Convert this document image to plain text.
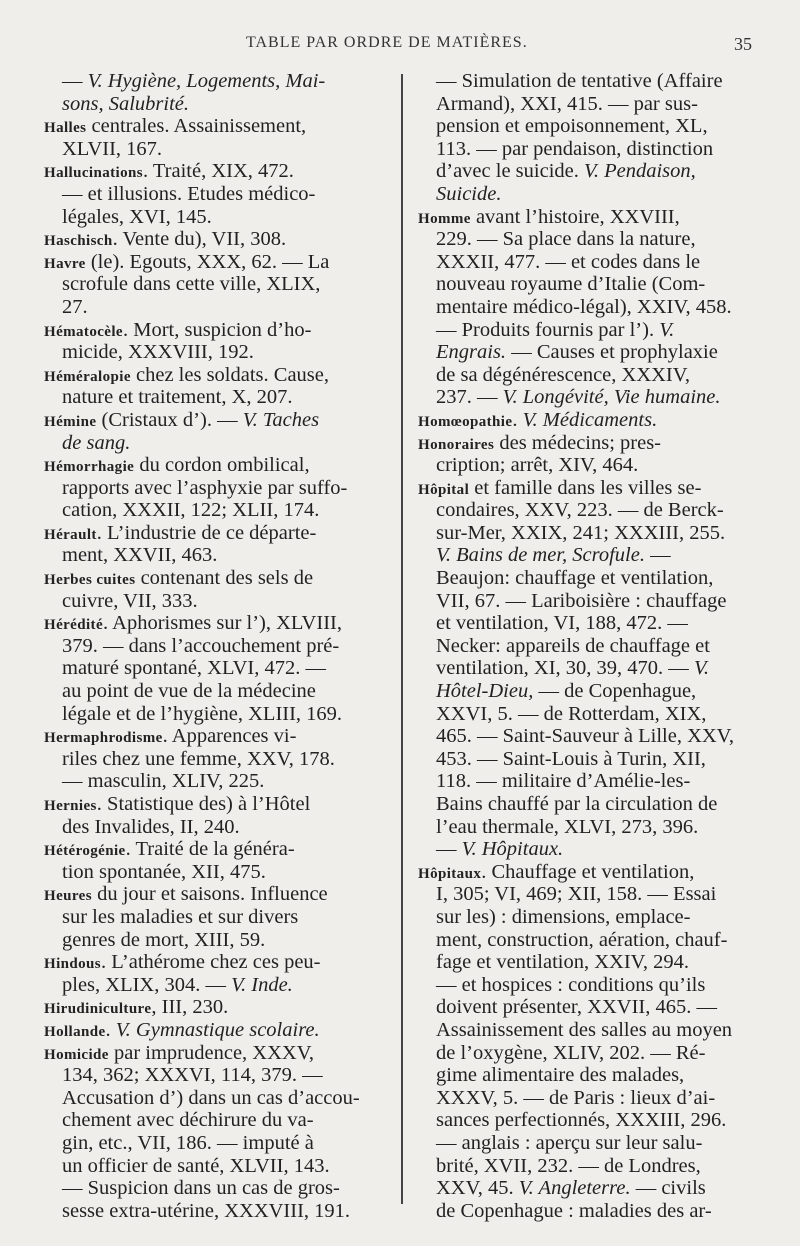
TABLE PAR ORDRE DE MATIÈRES.	35
— V. Hygiène, Logements, Mai-
sons, Salubrité.
Halles centrales. Assainissement,
XLVII, 167.
Hallucinations. Traité, XIX, 472.
— et illusions. Etudes médico-
légales, XVI, 145.
Haschisch. Vente du), VII, 308.
Havre (le). Egouts, XXX, 62. — La
scrofule dans cette ville, XLIX,
27.
Hématocèle. Mort, suspicion d’ho-
micide, XXXVIII, 192.
Héméralopie chez les soldats. Cause,
nature et traitement, X, 207.
Hémine (Cristaux d’). — V. Taches
de sang.
Hémorrhagie du cordon ombilical,
rapports avec l’asphyxie par suffo-
cation, XXXII, 122; XLII, 174.
Hérault. L’industrie de ce départe-
ment, XXVII, 463.
Herbes cuites contenant des sels de
cuivre, VII, 333.
Hérédité. Aphorismes sur l’), XLVIII,
379. — dans l’accouchement pré-
maturé spontané, XLVI, 472. —
au point de vue de la médecine
légale et de l’hygiène, XLIII, 169.
Hermaphrodisme. Apparences vi-
riles chez une femme, XXV, 178.
— masculin, XLIV, 225.
Hernies. Statistique des) à l’Hôtel
des Invalides, II, 240.
Hétérogénie. Traité de la généra-
tion spontanée, XII, 475.
Heures du jour et saisons. Influence
sur les maladies et sur divers
genres de mort, XIII, 59.
Hindous. L’athérome chez ces peu-
ples, XLIX, 304. — V. Inde.
Hirudiniculture, III, 230.
Hollande. V. Gymnastique scolaire.
Homicide par imprudence, XXXV,
134, 362; XXXVI, 114, 379. —
Accusation d’) dans un cas d’accou-
chement avec déchirure du va-
gin, etc., VII, 186. — imputé à
un officier de santé, XLVII, 143.
— Suspicion dans un cas de gros-
sesse extra-utérine, XXXVIII, 191.
— Simulation de tentative (Affaire
Armand), XXI, 415. — par sus-
pension et empoisonnement, XL,
113. — par pendaison, distinction
d’avec le suicide. V. Pendaison,
Suicide.
Homme avant l’histoire, XXVIII,
229. — Sa place dans la nature,
XXXII, 477. — et codes dans le
nouveau royaume d’Italie (Com-
mentaire médico-légal), XXIV, 458.
— Produits fournis par l’). V.
Engrais. — Causes et prophylaxie
de sa dégénérescence, XXXIV,
237. — V. Longévité, Vie humaine.
Homœopathie. V. Médicaments.
Honoraires des médecins; pres-
cription; arrêt, XIV, 464.
Hôpital et famille dans les villes se-
condaires, XXV, 223. — de Berck-
sur-Mer, XXIX, 241; XXXIII, 255.
V. Bains de mer, Scrofule. —
Beaujon: chauffage et ventilation,
VII, 67. — Lariboisière : chauffage
et ventilation, VI, 188, 472. —
Necker: appareils de chauffage et
ventilation, XI, 30, 39, 470. — V.
Hôtel-Dieu, — de Copenhague,
XXVI, 5. — de Rotterdam, XIX,
465. — Saint-Sauveur à Lille, XXV,
453. — Saint-Louis à Turin, XII,
118. — militaire d’Amélie-les-
Bains chauffé par la circulation de
l’eau thermale, XLVI, 273, 396.
— V. Hôpitaux.
Hôpitaux. Chauffage et ventilation,
I, 305; VI, 469; XII, 158. — Essai
sur les) : dimensions, emplace-
ment, construction, aération, chauf-
fage et ventilation, XXIV, 294.
— et hospices : conditions qu’ils
doivent présenter, XXVII, 465. —
Assainissement des salles au moyen
de l’oxygène, XLIV, 202. — Ré-
gime alimentaire des malades,
XXXV, 5. — de Paris : lieux d’ai-
sances perfectionnés, XXXIII, 296.
— anglais : aperçu sur leur salu-
brité, XVII, 232. — de Londres,
XXV, 45. V. Angleterre. — civils
de Copenhague : maladies des ar-
